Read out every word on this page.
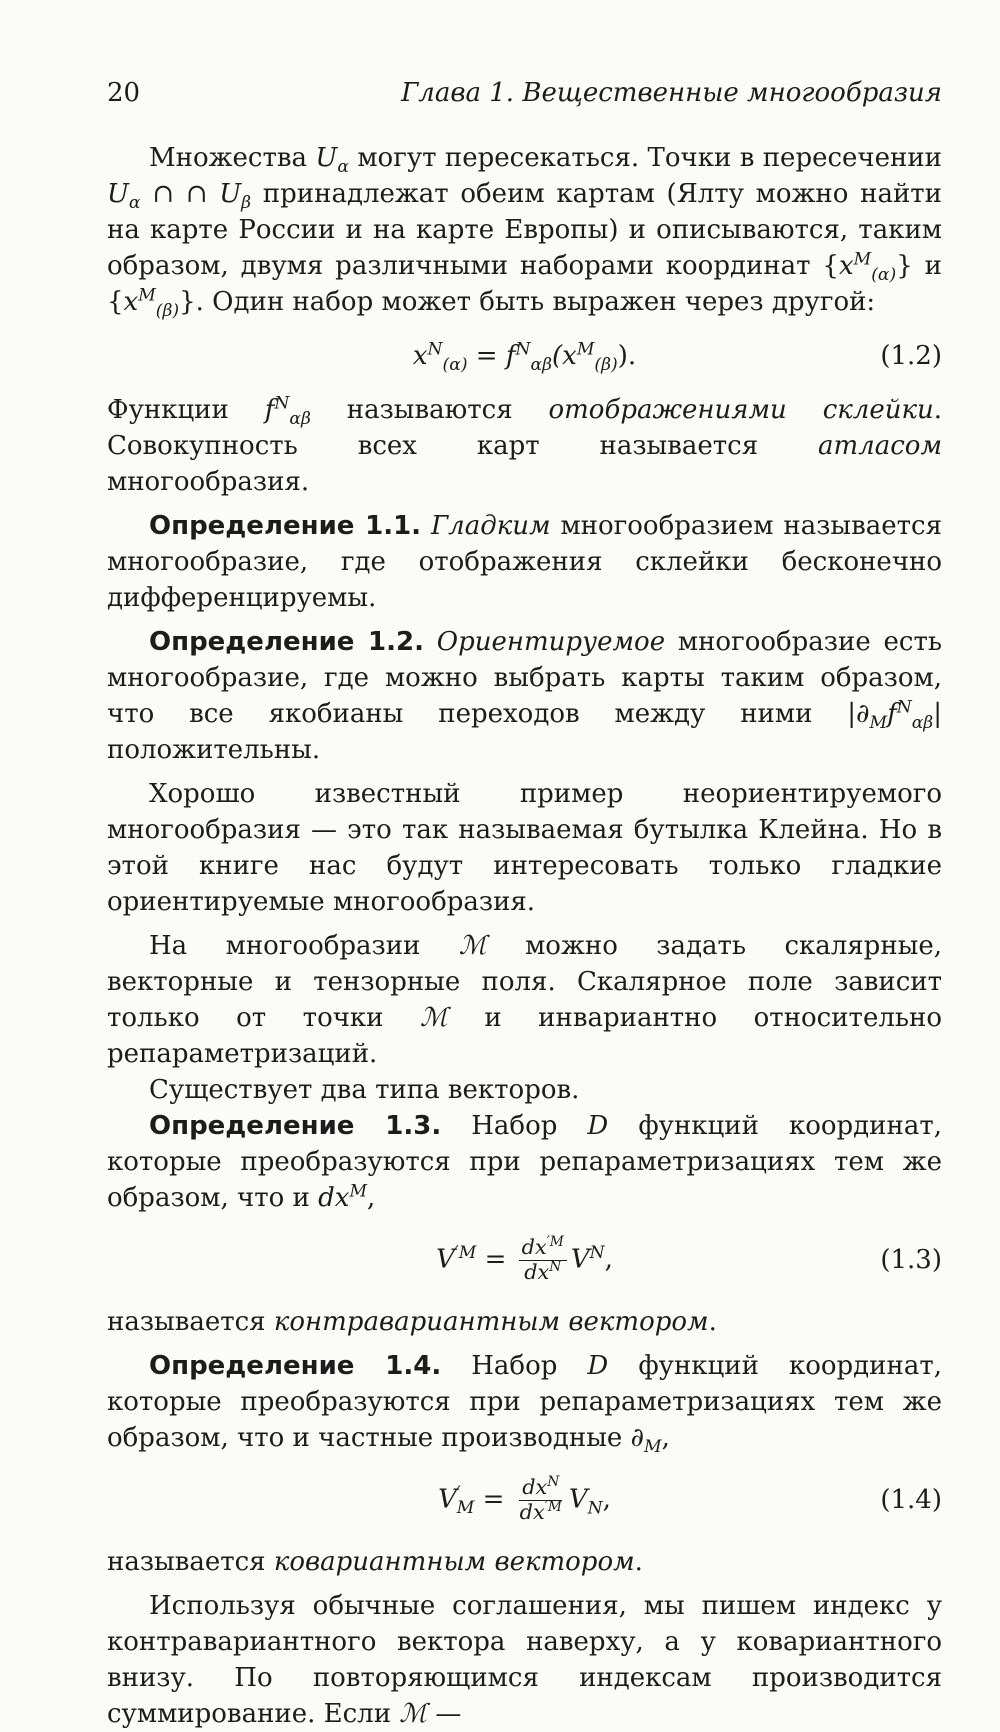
20	Глава 1. Вещественные многообразия

Множества $U_\alpha$ могут пересекаться. Точки в пересечении $U_\alpha$ ∩ ∩ $U_\beta$ принадлежат обеим картам (Ялту можно найти на карте России и на карте Европы) и описываются, таким образом, двумя различными наборами координат $\{x^M_{(\alpha)}\}$ и $\{x^M_{(\beta)}\}$. Один набор может быть выражен через другой:

$x^N_{(\alpha)} = f^N_{\alpha\beta}(x^M_{(\beta)})$.	(1.2)

Функции $f^N_{\alpha\beta}$ называются отображениями склейки. Совокупность всех карт называется атласом многообразия.

Определение 1.1. Гладким многообразием называется многообразие, где отображения склейки бесконечно дифференцируемы.

Определение 1.2. Ориентируемое многообразие есть многообразие, где можно выбрать карты таким образом, что все якобианы переходов между ними $|\partial_Mf^N_{\alpha\beta}|$ положительны.

Хорошо известный пример неориентируемого многообразия — это так называемая бутылка Клейна. Но в этой книге нас будут интересовать только гладкие ориентируемые многообразия.

На многообразии ℳ можно задать скалярные, векторные и тензорные поля. Скалярное поле зависит только от точки ℳ и инвариантно относительно репараметризаций.

Существует два типа векторов.

Определение 1.3. Набор D функций координат, которые преобразуются при репараметризациях тем же образом, что и $dx^M$,

$V^{'M} = \frac{dx^{'M}}{dx^N} V^N$,	(1.3)

называется контравариантным вектором.

Определение 1.4. Набор D функций координат, которые преобразуются при репараметризациях тем же образом, что и частные производные $\partial_M$,

$V'_M = \frac{dx^N}{dx^{'M}} V_N$,	(1.4)

называется ковариантным вектором.

Используя обычные соглашения, мы пишем индекс у контравариантного вектора наверху, а у ковариантного внизу. По повторяющимся индексам производится суммирование. Если ℳ —
